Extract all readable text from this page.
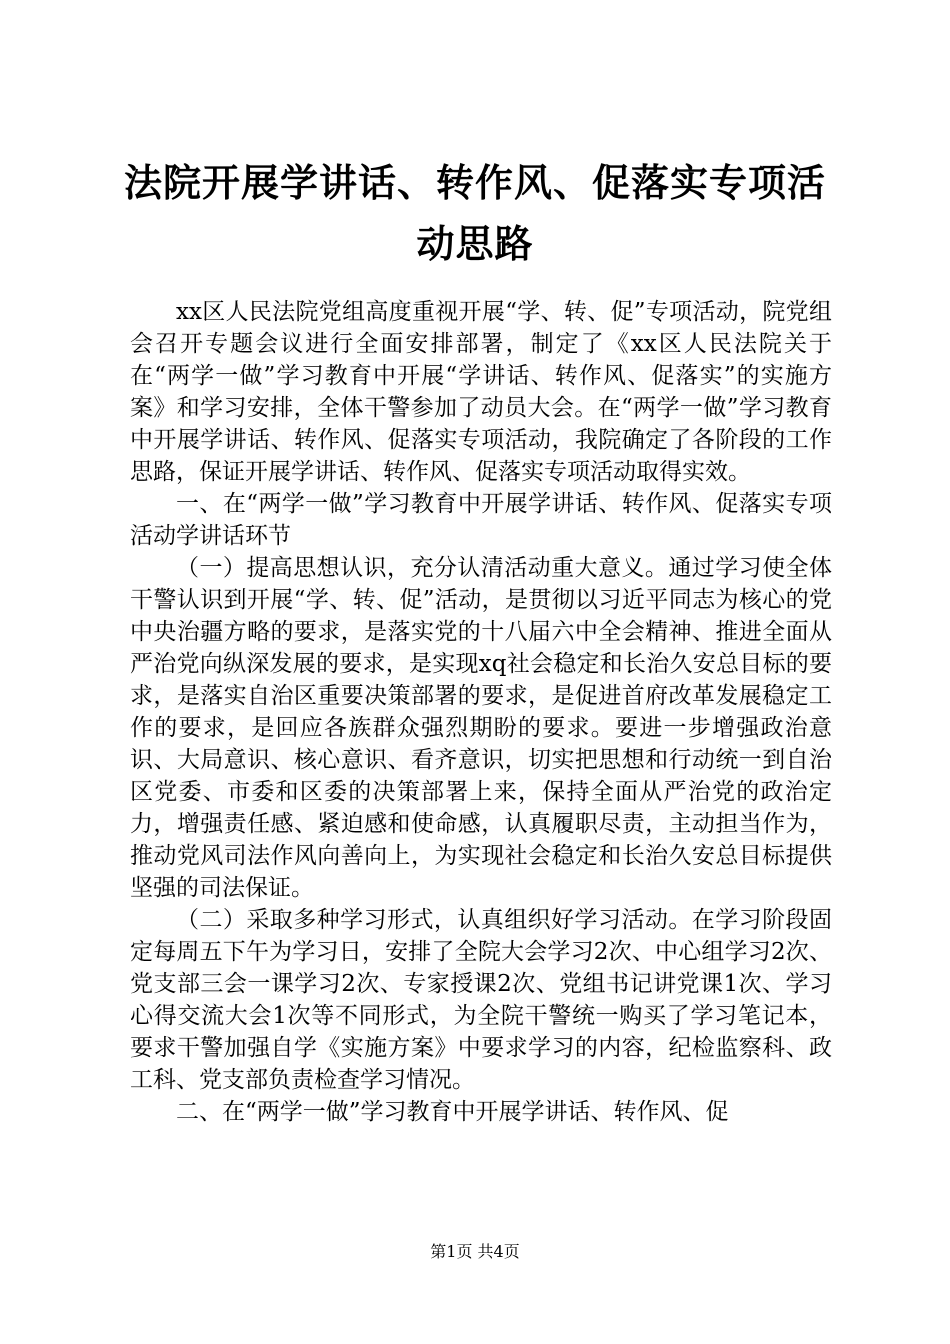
法院开展学讲话、转作风、促落实专项活动思路

xx区人民法院党组高度重视开展“学、转、促”专项活动，院党组会召开专题会议进行全面安排部署，制定了《xx区人民法院关于在“两学一做”学习教育中开展“学讲话、转作风、促落实”的实施方案》和学习安排，全体干警参加了动员大会。在“两学一做”学习教育中开展学讲话、转作风、促落实专项活动，我院确定了各阶段的工作思路，保证开展学讲话、转作风、促落实专项活动取得实效。

一、在“两学一做”学习教育中开展学讲话、转作风、促落实专项活动学讲话环节

（一）提高思想认识，充分认清活动重大意义。通过学习使全体干警认识到开展“学、转、促”活动，是贯彻以习近平同志为核心的党中央治疆方略的要求，是落实党的十八届六中全会精神、推进全面从严治党向纵深发展的要求，是实现xq社会稳定和长治久安总目标的要求，是落实自治区重要决策部署的要求，是促进首府改革发展稳定工作的要求，是回应各族群众强烈期盼的要求。要进一步增强政治意识、大局意识、核心意识、看齐意识，切实把思想和行动统一到自治区党委、市委和区委的决策部署上来，保持全面从严治党的政治定力，增强责任感、紧迫感和使命感，认真履职尽责，主动担当作为，推动党风司法作风向善向上，为实现社会稳定和长治久安总目标提供坚强的司法保证。

（二）采取多种学习形式，认真组织好学习活动。在学习阶段固定每周五下午为学习日，安排了全院大会学习2次、中心组学习2次、党支部三会一课学习2次、专家授课2次、党组书记讲党课1次、学习心得交流大会1次等不同形式，为全院干警统一购买了学习笔记本，要求干警加强自学《实施方案》中要求学习的内容，纪检监察科、政工科、党支部负责检查学习情况。

二、在“两学一做”学习教育中开展学讲话、转作风、促

第1页 共4页
